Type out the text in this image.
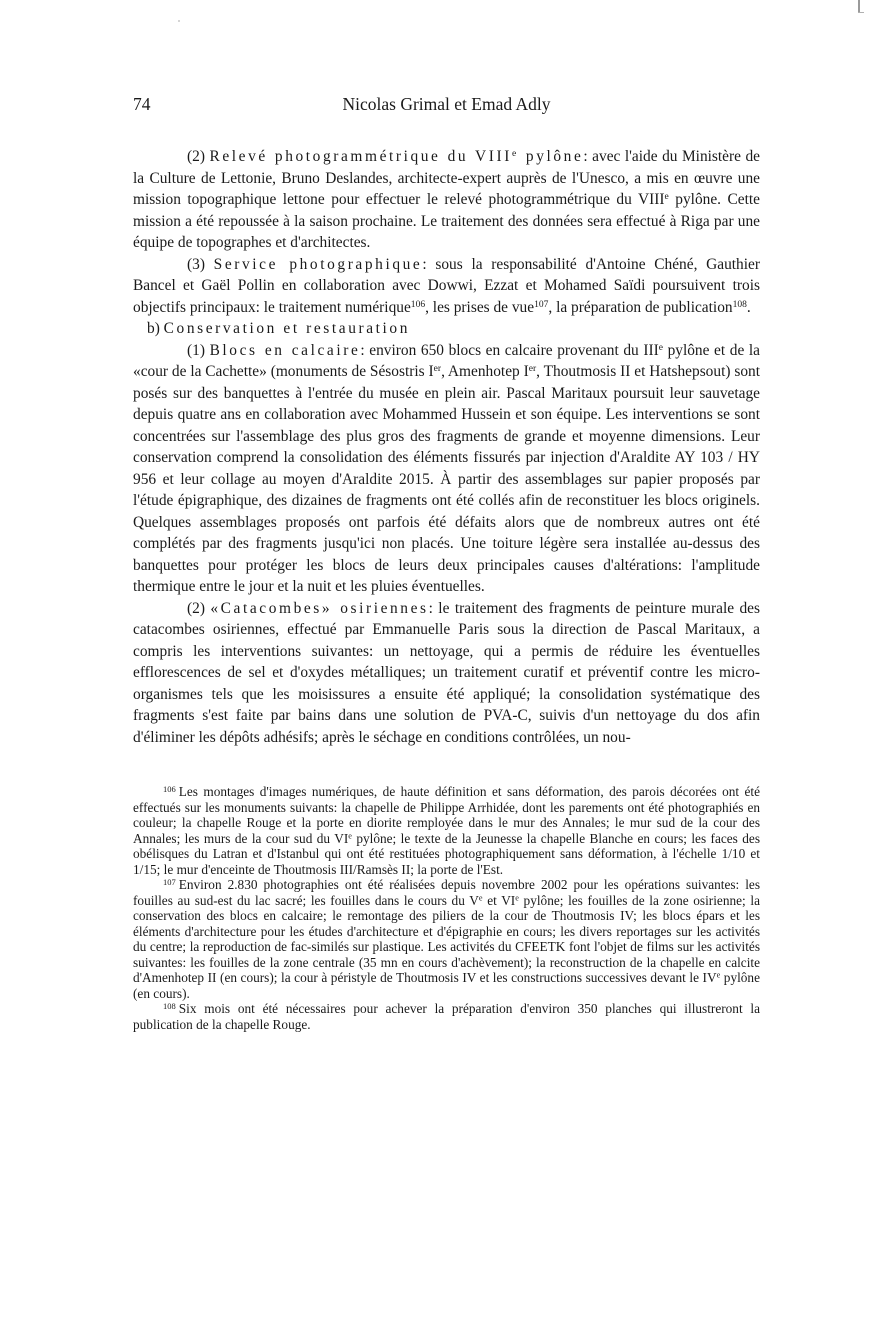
74	Nicolas Grimal et Emad Adly

(2) Relevé photogrammétrique du VIIIe pylône: avec l'aide du Ministère de la Culture de Lettonie, Bruno Deslandes, architecte-expert auprès de l'Unesco, a mis en œuvre une mission topographique lettone pour effectuer le relevé photogrammétrique du VIIIe pylône. Cette mission a été repoussée à la saison prochaine. Le traitement des données sera effectué à Riga par une équipe de topographes et d'architectes.

(3) Service photographique: sous la responsabilité d'Antoine Chéné, Gauthier Bancel et Gaël Pollin en collaboration avec Dowwi, Ezzat et Mohamed Saïdi poursuivent trois objectifs principaux: le traitement numérique$^{106}$, les prises de vue$^{107}$, la préparation de publication$^{108}$.

b) Conservation et restauration

(1) Blocs en calcaire: environ 650 blocs en calcaire provenant du IIIe pylône et de la «cour de la Cachette» (monuments de Sésostris Ier, Amenhotep Ier, Thoutmosis II et Hatshepsout) sont posés sur des banquettes à l'entrée du musée en plein air. Pascal Maritaux poursuit leur sauvetage depuis quatre ans en collaboration avec Mohammed Hussein et son équipe. Les interventions se sont concentrées sur l'assemblage des plus gros des fragments de grande et moyenne dimensions. Leur conservation comprend la consolidation des éléments fissurés par injection d'Araldite AY 103 / HY 956 et leur collage au moyen d'Araldite 2015. À partir des assemblages sur papier proposés par l'étude épigraphique, des dizaines de fragments ont été collés afin de reconstituer les blocs originels. Quelques assemblages proposés ont parfois été défaits alors que de nombreux autres ont été complétés par des fragments jusqu'ici non placés. Une toiture légère sera installée au-dessus des banquettes pour protéger les blocs de leurs deux principales causes d'altérations: l'amplitude thermique entre le jour et la nuit et les pluies éventuelles.

(2) «Catacombes» osiriennes: le traitement des fragments de peinture murale des catacombes osiriennes, effectué par Emmanuelle Paris sous la direction de Pascal Maritaux, a compris les interventions suivantes: un nettoyage, qui a permis de réduire les éventuelles efflorescences de sel et d'oxydes métalliques; un traitement curatif et préventif contre les micro-organismes tels que les moisissures a ensuite été appliqué; la consolidation systématique des fragments s'est faite par bains dans une solution de PVA-C, suivis d'un nettoyage du dos afin d'éliminer les dépôts adhésifs; après le séchage en conditions contrôlées, un nou-

$^{106}$ Les montages d'images numériques, de haute définition et sans déformation, des parois décorées ont été effectués sur les monuments suivants: la chapelle de Philippe Arrhidée, dont les parements ont été photographiés en couleur; la chapelle Rouge et la porte en diorite remployée dans le mur des Annales; le mur sud de la cour des Annales; les murs de la cour sud du VIe pylône; le texte de la Jeunesse la chapelle Blanche en cours; les faces des obélisques du Latran et d'Istanbul qui ont été restituées photographiquement sans déformation, à l'échelle 1/10 et 1/15; le mur d'enceinte de Thoutmosis III/Ramsès II; la porte de l'Est.

$^{107}$ Environ 2.830 photographies ont été réalisées depuis novembre 2002 pour les opérations suivantes: les fouilles au sud-est du lac sacré; les fouilles dans le cours du Ve et VIe pylône; les fouilles de la zone osirienne; la conservation des blocs en calcaire; le remontage des piliers de la cour de Thoutmosis IV; les blocs épars et les éléments d'architecture pour les études d'architecture et d'épigraphie en cours; les divers reportages sur les activités du centre; la reproduction de fac-similés sur plastique. Les activités du CFEETK font l'objet de films sur les activités suivantes: les fouilles de la zone centrale (35 mn en cours d'achèvement); la reconstruction de la chapelle en calcite d'Amenhotep II (en cours); la cour à péristyle de Thoutmosis IV et les constructions successives devant le IVe pylône (en cours).

$^{108}$ Six mois ont été nécessaires pour achever la préparation d'environ 350 planches qui illustreront la publication de la chapelle Rouge.
